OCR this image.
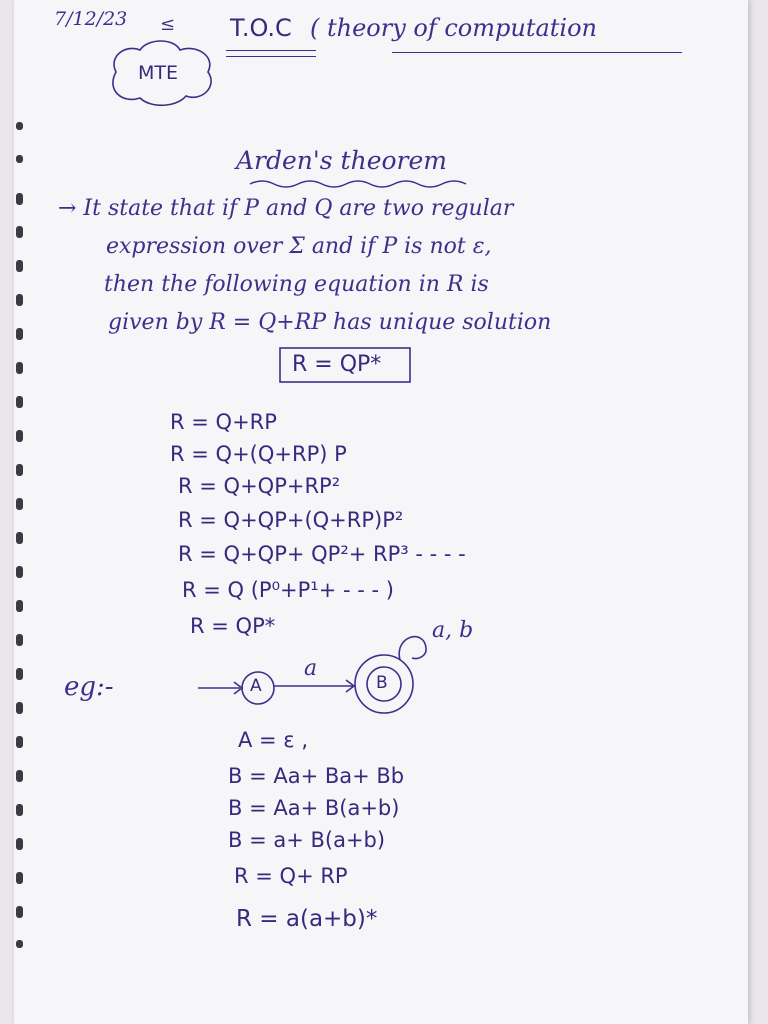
7/12/23 ≤ T.O.C ( theory of computation
MTE
Arden's theorem
→ It state that if P and Q are two regular
expression over Σ and if P is not ε,
then the following equation in R is
given by R = Q+RP has unique solution
R = QP*
R = Q+RP
R = Q+(Q+RP) P
R = Q+QP+RP²
R = Q+QP+(Q+RP)P²
R = Q+QP+ QP²+ RP³ - - - -
R = Q (P⁰+P¹+ - - - )
R = QP*
eg:-	A	B
a
a, b
A = ε ,
B = Aa+ Ba+ Bb
B = Aa+ B(a+b)
B = a+ B(a+b)
R = Q+ RP
R = a(a+b)*
